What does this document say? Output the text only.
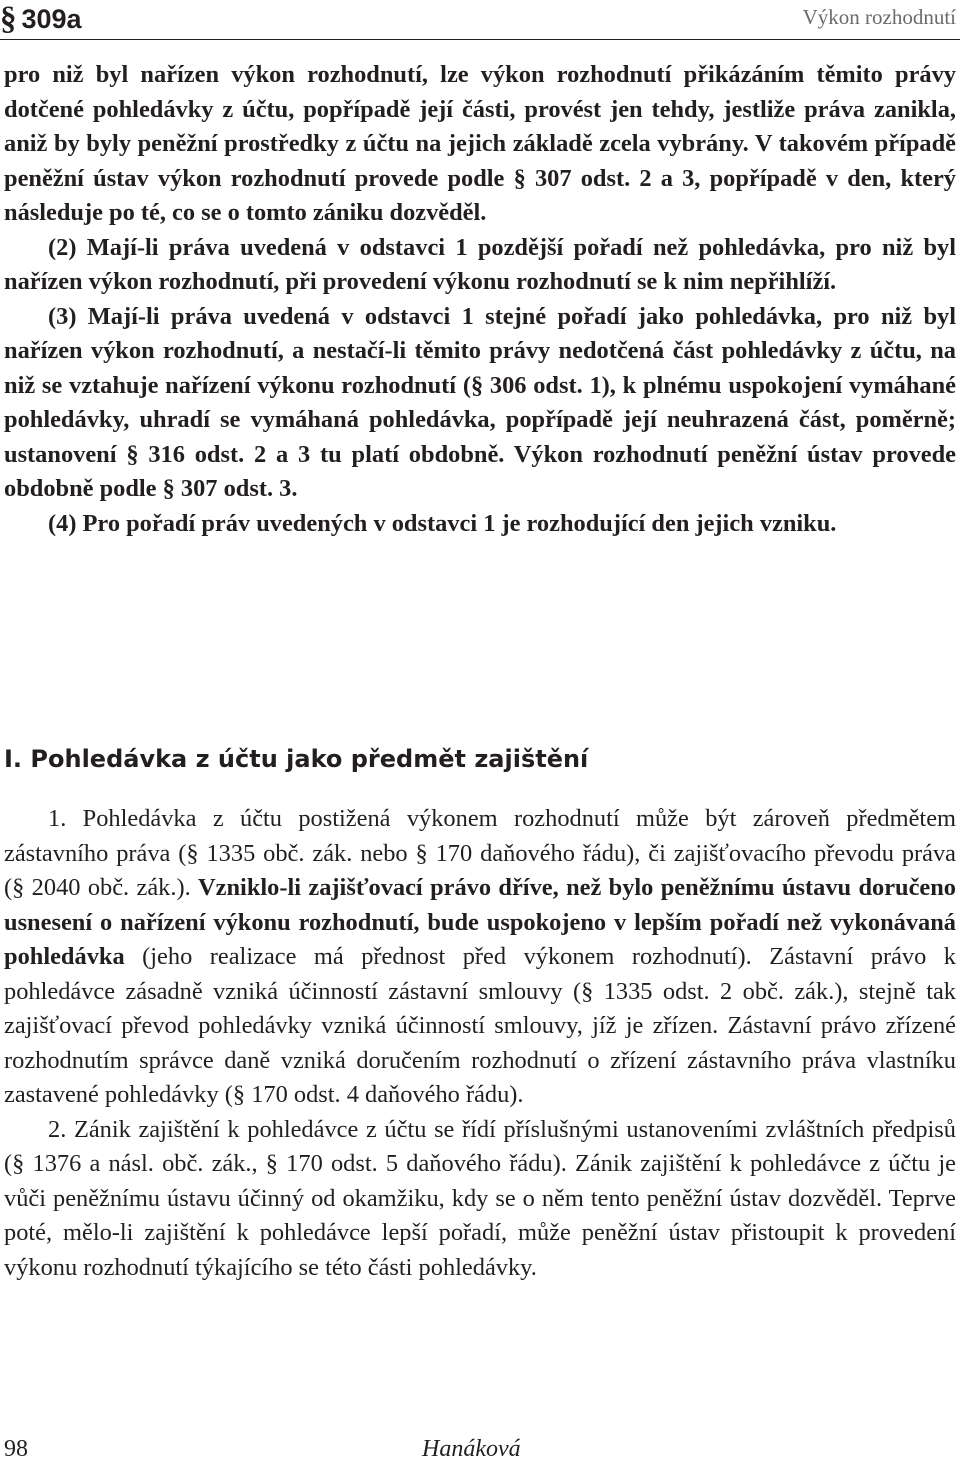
§ 309a	Výkon rozhodnutí

pro niž byl nařízen výkon rozhodnutí, lze výkon rozhodnutí přikázáním těmito právy dotčené pohledávky z účtu, popřípadě její části, provést jen tehdy, jestliže práva zanikla, aniž by byly peněžní prostředky z účtu na jejich základě zcela vybrány. V takovém případě peněžní ústav výkon rozhodnutí provede podle § 307 odst. 2 a 3, popřípadě v den, který následuje po té, co se o tomto zániku dozvěděl.

(2) Mají-li práva uvedená v odstavci 1 pozdější pořadí než pohledávka, pro niž byl nařízen výkon rozhodnutí, při provedení výkonu rozhodnutí se k nim nepřihlíží.

(3) Mají-li práva uvedená v odstavci 1 stejné pořadí jako pohledávka, pro niž byl nařízen výkon rozhodnutí, a nestačí-li těmito právy nedotčená část pohledávky z účtu, na niž se vztahuje nařízení výkonu rozhodnutí (§ 306 odst. 1), k plnému uspokojení vymáhané pohledávky, uhradí se vymáhaná pohledávka, popřípadě její neuhrazená část, poměrně; ustanovení § 316 odst. 2 a 3 tu platí obdobně. Výkon rozhodnutí peněžní ústav provede obdobně podle § 307 odst. 3.

(4) Pro pořadí práv uvedených v odstavci 1 je rozhodující den jejich vzniku.

I. Pohledávka z účtu jako předmět zajištění

1. Pohledávka z účtu postižená výkonem rozhodnutí může být zároveň předmětem zástavního práva (§ 1335 obč. zák. nebo § 170 daňového řádu), či zajišťovacího převodu práva (§ 2040 obč. zák.). Vzniklo-li zajišťovací právo dříve, než bylo peněžnímu ústavu doručeno usnesení o nařízení výkonu rozhodnutí, bude uspokojeno v lepším pořadí než vykonávaná pohledávka (jeho realizace má přednost před výkonem rozhodnutí). Zástavní právo k pohledávce zásadně vzniká účinností zástavní smlouvy (§ 1335 odst. 2 obč. zák.), stejně tak zajišťovací převod pohledávky vzniká účinností smlouvy, jíž je zřízen. Zástavní právo zřízené rozhodnutím správce daně vzniká doručením rozhodnutí o zřízení zástavního práva vlastníku zastavené pohledávky (§ 170 odst. 4 daňového řádu).

2. Zánik zajištění k pohledávce z účtu se řídí příslušnými ustanoveními zvláštních předpisů (§ 1376 a násl. obč. zák., § 170 odst. 5 daňového řádu). Zánik zajištění k pohledávce z účtu je vůči peněžnímu ústavu účinný od okamžiku, kdy se o něm tento peněžní ústav dozvěděl. Teprve poté, mělo-li zajištění k pohledávce lepší pořadí, může peněžní ústav přistoupit k provedení výkonu rozhodnutí týkajícího se této části pohledávky.

98	Hanáková
